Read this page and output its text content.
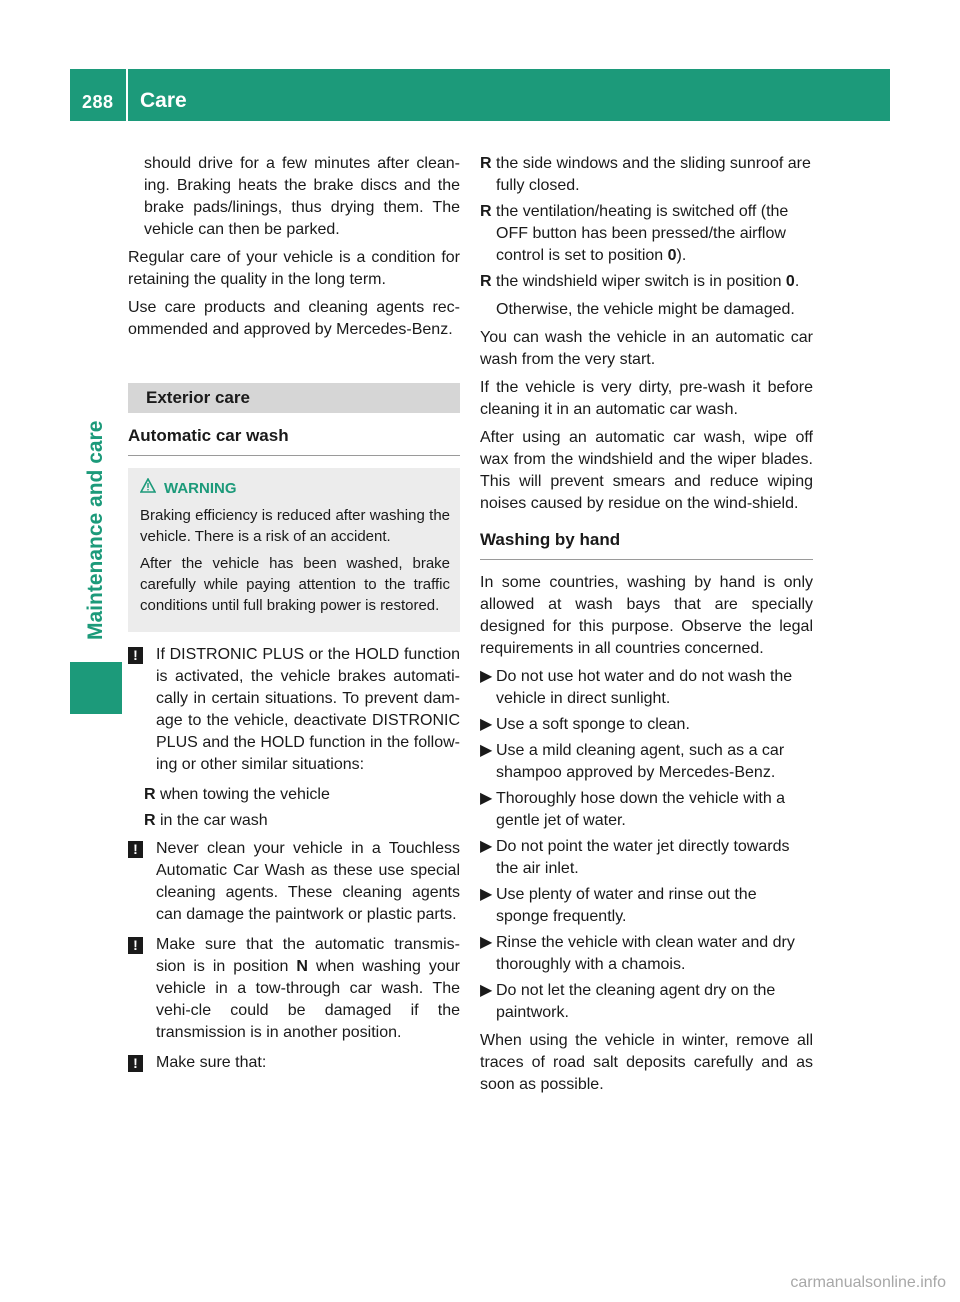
288 Care
Maintenance and care

should drive for a few minutes after clean-ing. Braking heats the brake discs and the brake pads/linings, thus drying them. The vehicle can then be parked.

Regular care of your vehicle is a condition for retaining the quality in the long term.

Use care products and cleaning agents rec-ommended and approved by Mercedes-Benz.

Exterior care
Automatic car wash
WARNING

Braking efficiency is reduced after washing the vehicle. There is a risk of an accident.

After the vehicle has been washed, brake carefully while paying attention to the traffic conditions until full braking power is restored.

!	If DISTRONIC PLUS or the HOLD function is activated, the vehicle brakes automati-cally in certain situations. To prevent dam-age to the vehicle, deactivate DISTRONIC PLUS and the HOLD function in the follow-ing or other similar situations:
R when towing the vehicle
R in the car wash
!	Never clean your vehicle in a Touchless Automatic Car Wash as these use special cleaning agents. These cleaning agents can damage the paintwork or plastic parts.
!	Make sure that the automatic transmis-sion is in position N when washing your vehicle in a tow-through car wash. The vehi-cle could be damaged if the transmission is in another position.
!	Make sure that:
R the side windows and the sliding sunroof are fully closed.
R the ventilation/heating is switched off (the OFF button has been pressed/the airflow control is set to position 0).
R the windshield wiper switch is in position 0.

Otherwise, the vehicle might be damaged.

You can wash the vehicle in an automatic car wash from the very start.

If the vehicle is very dirty, pre-wash it before cleaning it in an automatic car wash.

After using an automatic car wash, wipe off wax from the windshield and the wiper blades. This will prevent smears and reduce wiping noises caused by residue on the wind-shield.

Washing by hand

In some countries, washing by hand is only allowed at wash bays that are specially designed for this purpose. Observe the legal requirements in all countries concerned.

▶ Do not use hot water and do not wash the vehicle in direct sunlight.
▶ Use a soft sponge to clean.
▶ Use a mild cleaning agent, such as a car shampoo approved by Mercedes-Benz.
▶ Thoroughly hose down the vehicle with a gentle jet of water.
▶ Do not point the water jet directly towards the air inlet.
▶ Use plenty of water and rinse out the sponge frequently.
▶ Rinse the vehicle with clean water and dry thoroughly with a chamois.
▶ Do not let the cleaning agent dry on the paintwork.

When using the vehicle in winter, remove all traces of road salt deposits carefully and as soon as possible.

carmanualsonline.info
